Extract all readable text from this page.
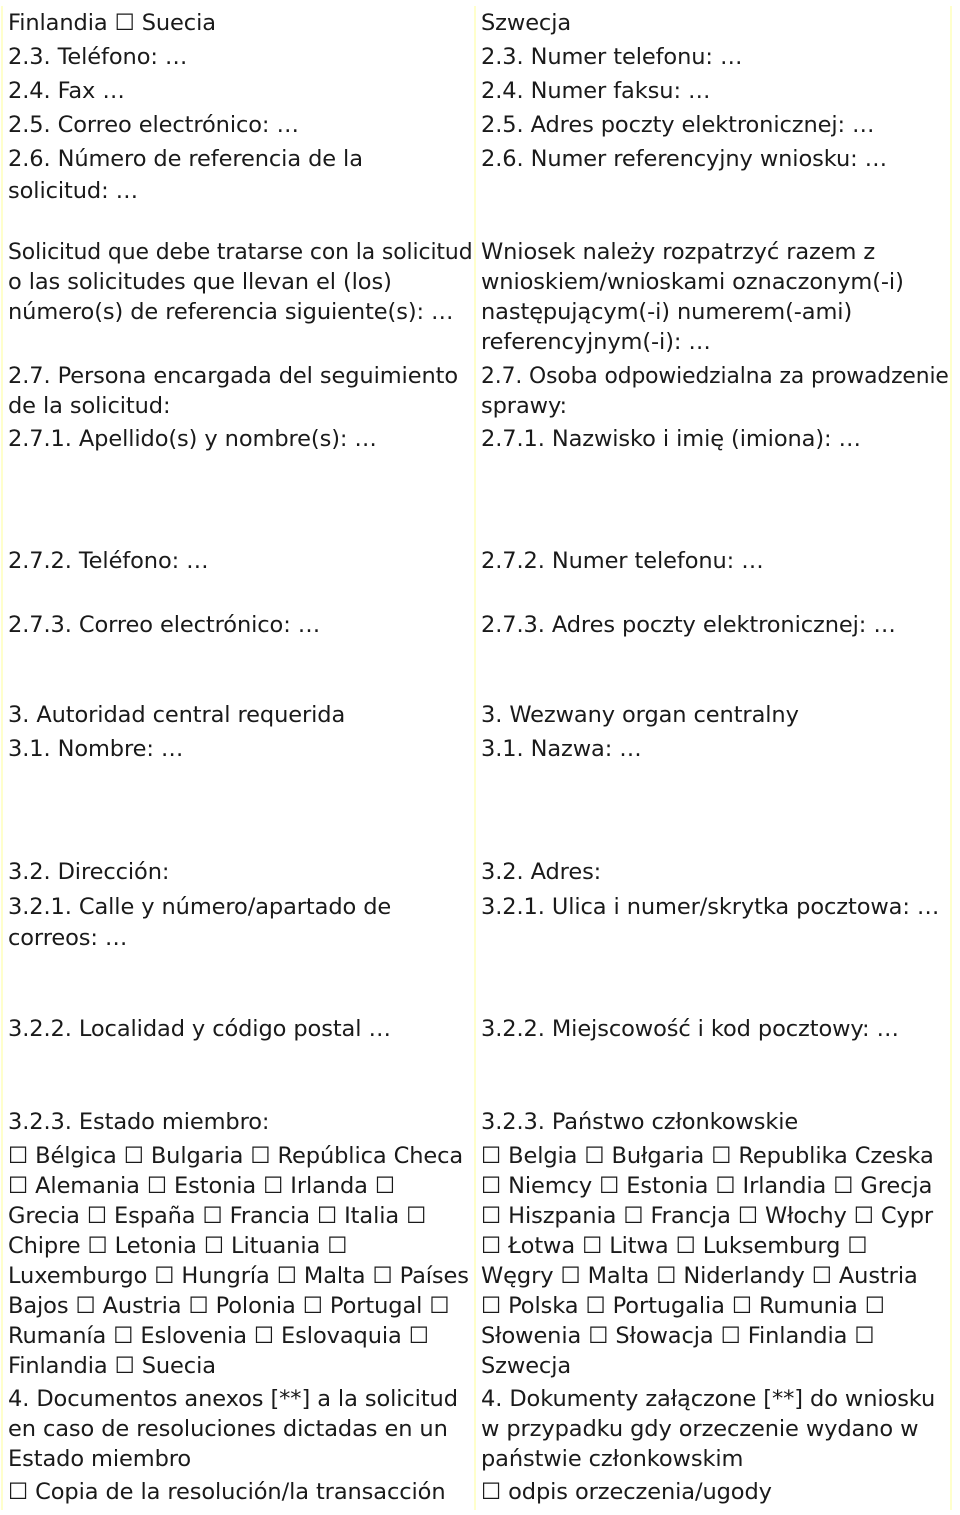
Finlandia ☐ Suecia
2.3. Teléfono: …
2.4. Fax …
2.5. Correo electrónico: …
2.6. Número de referencia de la
solicitud: …
Solicitud que debe tratarse con la solicitud
o las solicitudes que llevan el (los)
número(s) de referencia siguiente(s): …
2.7. Persona encargada del seguimiento
de la solicitud:
2.7.1. Apellido(s) y nombre(s): …
2.7.2. Teléfono: …
2.7.3. Correo electrónico: …
3. Autoridad central requerida
3.1. Nombre: …
3.2. Dirección:
3.2.1. Calle y número/apartado de
correos: …
3.2.2. Localidad y código postal …
3.2.3. Estado miembro:
☐ Bélgica ☐ Bulgaria ☐ República Checa
☐ Alemania ☐ Estonia ☐ Irlanda ☐
Grecia ☐ España ☐ Francia ☐ Italia ☐
Chipre ☐ Letonia ☐ Lituania ☐
Luxemburgo ☐ Hungría ☐ Malta ☐ Países
Bajos ☐ Austria ☐ Polonia ☐ Portugal ☐
Rumanía ☐ Eslovenia ☐ Eslovaquia ☐
Finlandia ☐ Suecia
4. Documentos anexos [**] a la solicitud
en caso de resoluciones dictadas en un
Estado miembro
☐ Copia de la resolución/la transacción
Szwecja
2.3. Numer telefonu: …
2.4. Numer faksu: …
2.5. Adres poczty elektronicznej: …
2.6. Numer referencyjny wniosku: …
Wniosek należy rozpatrzyć razem z
wnioskiem/wnioskami oznaczonym(-i)
następującym(-i) numerem(-ami)
referencyjnym(-i): …
2.7. Osoba odpowiedzialna za prowadzenie
sprawy:
2.7.1. Nazwisko i imię (imiona): …
2.7.2. Numer telefonu: …
2.7.3. Adres poczty elektronicznej: …
3. Wezwany organ centralny
3.1. Nazwa: …
3.2. Adres:
3.2.1. Ulica i numer/skrytka pocztowa: …
3.2.2. Miejscowość i kod pocztowy: …
3.2.3. Państwo członkowskie
☐ Belgia ☐ Bułgaria ☐ Republika Czeska
☐ Niemcy ☐ Estonia ☐ Irlandia ☐ Grecja
☐ Hiszpania ☐ Francja ☐ Włochy ☐ Cypr
☐ Łotwa ☐ Litwa ☐ Luksemburg ☐
Węgry ☐ Malta ☐ Niderlandy ☐ Austria
☐ Polska ☐ Portugalia ☐ Rumunia ☐
Słowenia ☐ Słowacja ☐ Finlandia ☐
Szwecja
4. Dokumenty załączone [**] do wniosku
w przypadku gdy orzeczenie wydano w
państwie członkowskim
☐ odpis orzeczenia/ugody
